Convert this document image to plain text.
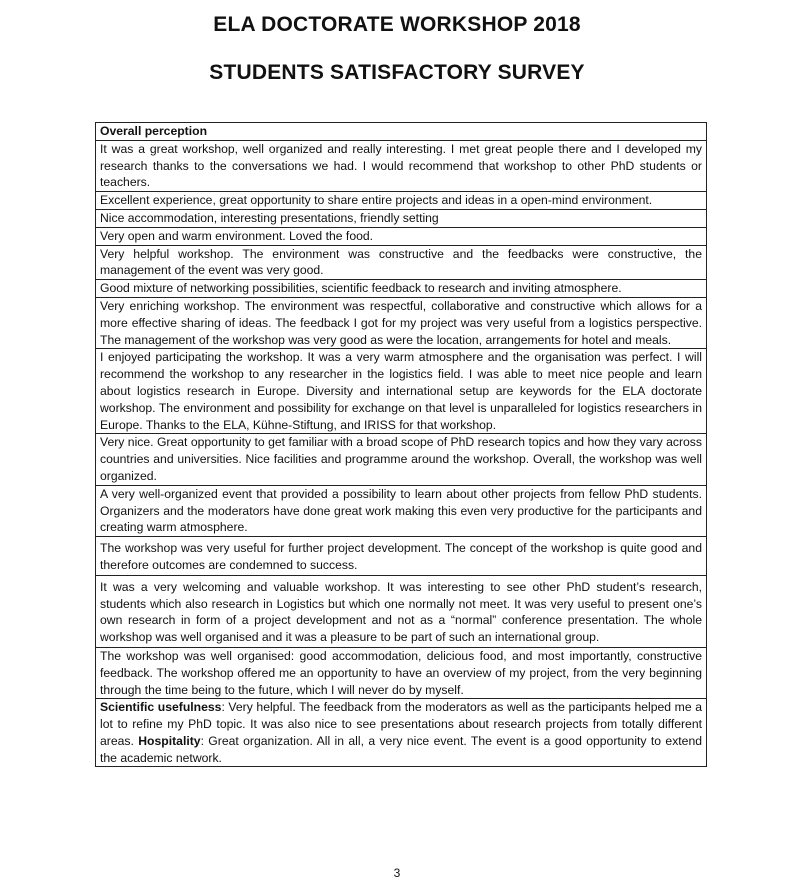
ELA DOCTORATE WORKSHOP 2018
STUDENTS SATISFACTORY SURVEY
Overall perception
It was a great workshop, well organized and really interesting. I met great people there and I developed my research thanks to the conversations we had. I would recommend that workshop to other PhD students or teachers.
Excellent experience, great opportunity to share entire projects and ideas in a open-mind environment.
Nice accommodation, interesting presentations, friendly setting
Very open and warm environment. Loved the food.
Very helpful workshop. The environment was constructive and the feedbacks were constructive, the management of the event was very good.
Good mixture of networking possibilities, scientific feedback to research and inviting atmosphere.
Very enriching workshop. The environment was respectful, collaborative and constructive which allows for a more effective sharing of ideas. The feedback I got for my project was very useful from a logistics perspective. The management of the workshop was very good as were the location, arrangements for hotel and meals.
I enjoyed participating the workshop. It was a very warm atmosphere and the organisation was perfect. I will recommend the workshop to any researcher in the logistics field. I was able to meet nice people and learn about logistics research in Europe. Diversity and international setup are keywords for the ELA doctorate workshop. The environment and possibility for exchange on that level is unparalleled for logistics researchers in Europe. Thanks to the ELA, Kühne-Stiftung, and IRISS for that workshop.
Very nice. Great opportunity to get familiar with a broad scope of PhD research topics and how they vary across countries and universities. Nice facilities and programme around the workshop. Overall, the workshop was well organized.
A very well-organized event that provided a possibility to learn about other projects from fellow PhD students. Organizers and the moderators have done great work making this even very productive for the participants and creating warm atmosphere.
The workshop was very useful for further project development. The concept of the workshop is quite good and therefore outcomes are condemned to success.
It was a very welcoming and valuable workshop. It was interesting to see other PhD student’s research, students which also research in Logistics but which one normally not meet. It was very useful to present one’s own research in form of a project development and not as a “normal” conference presentation. The whole workshop was well organised and it was a pleasure to be part of such an international group.
The workshop was well organised: good accommodation, delicious food, and most importantly, constructive feedback. The workshop offered me an opportunity to have an overview of my project, from the very beginning through the time being to the future, which I will never do by myself.
Scientific usefulness: Very helpful. The feedback from the moderators as well as the participants helped me a lot to refine my PhD topic. It was also nice to see presentations about research projects from totally different areas. Hospitality: Great organization. All in all, a very nice event. The event is a good opportunity to extend the academic network.
3
